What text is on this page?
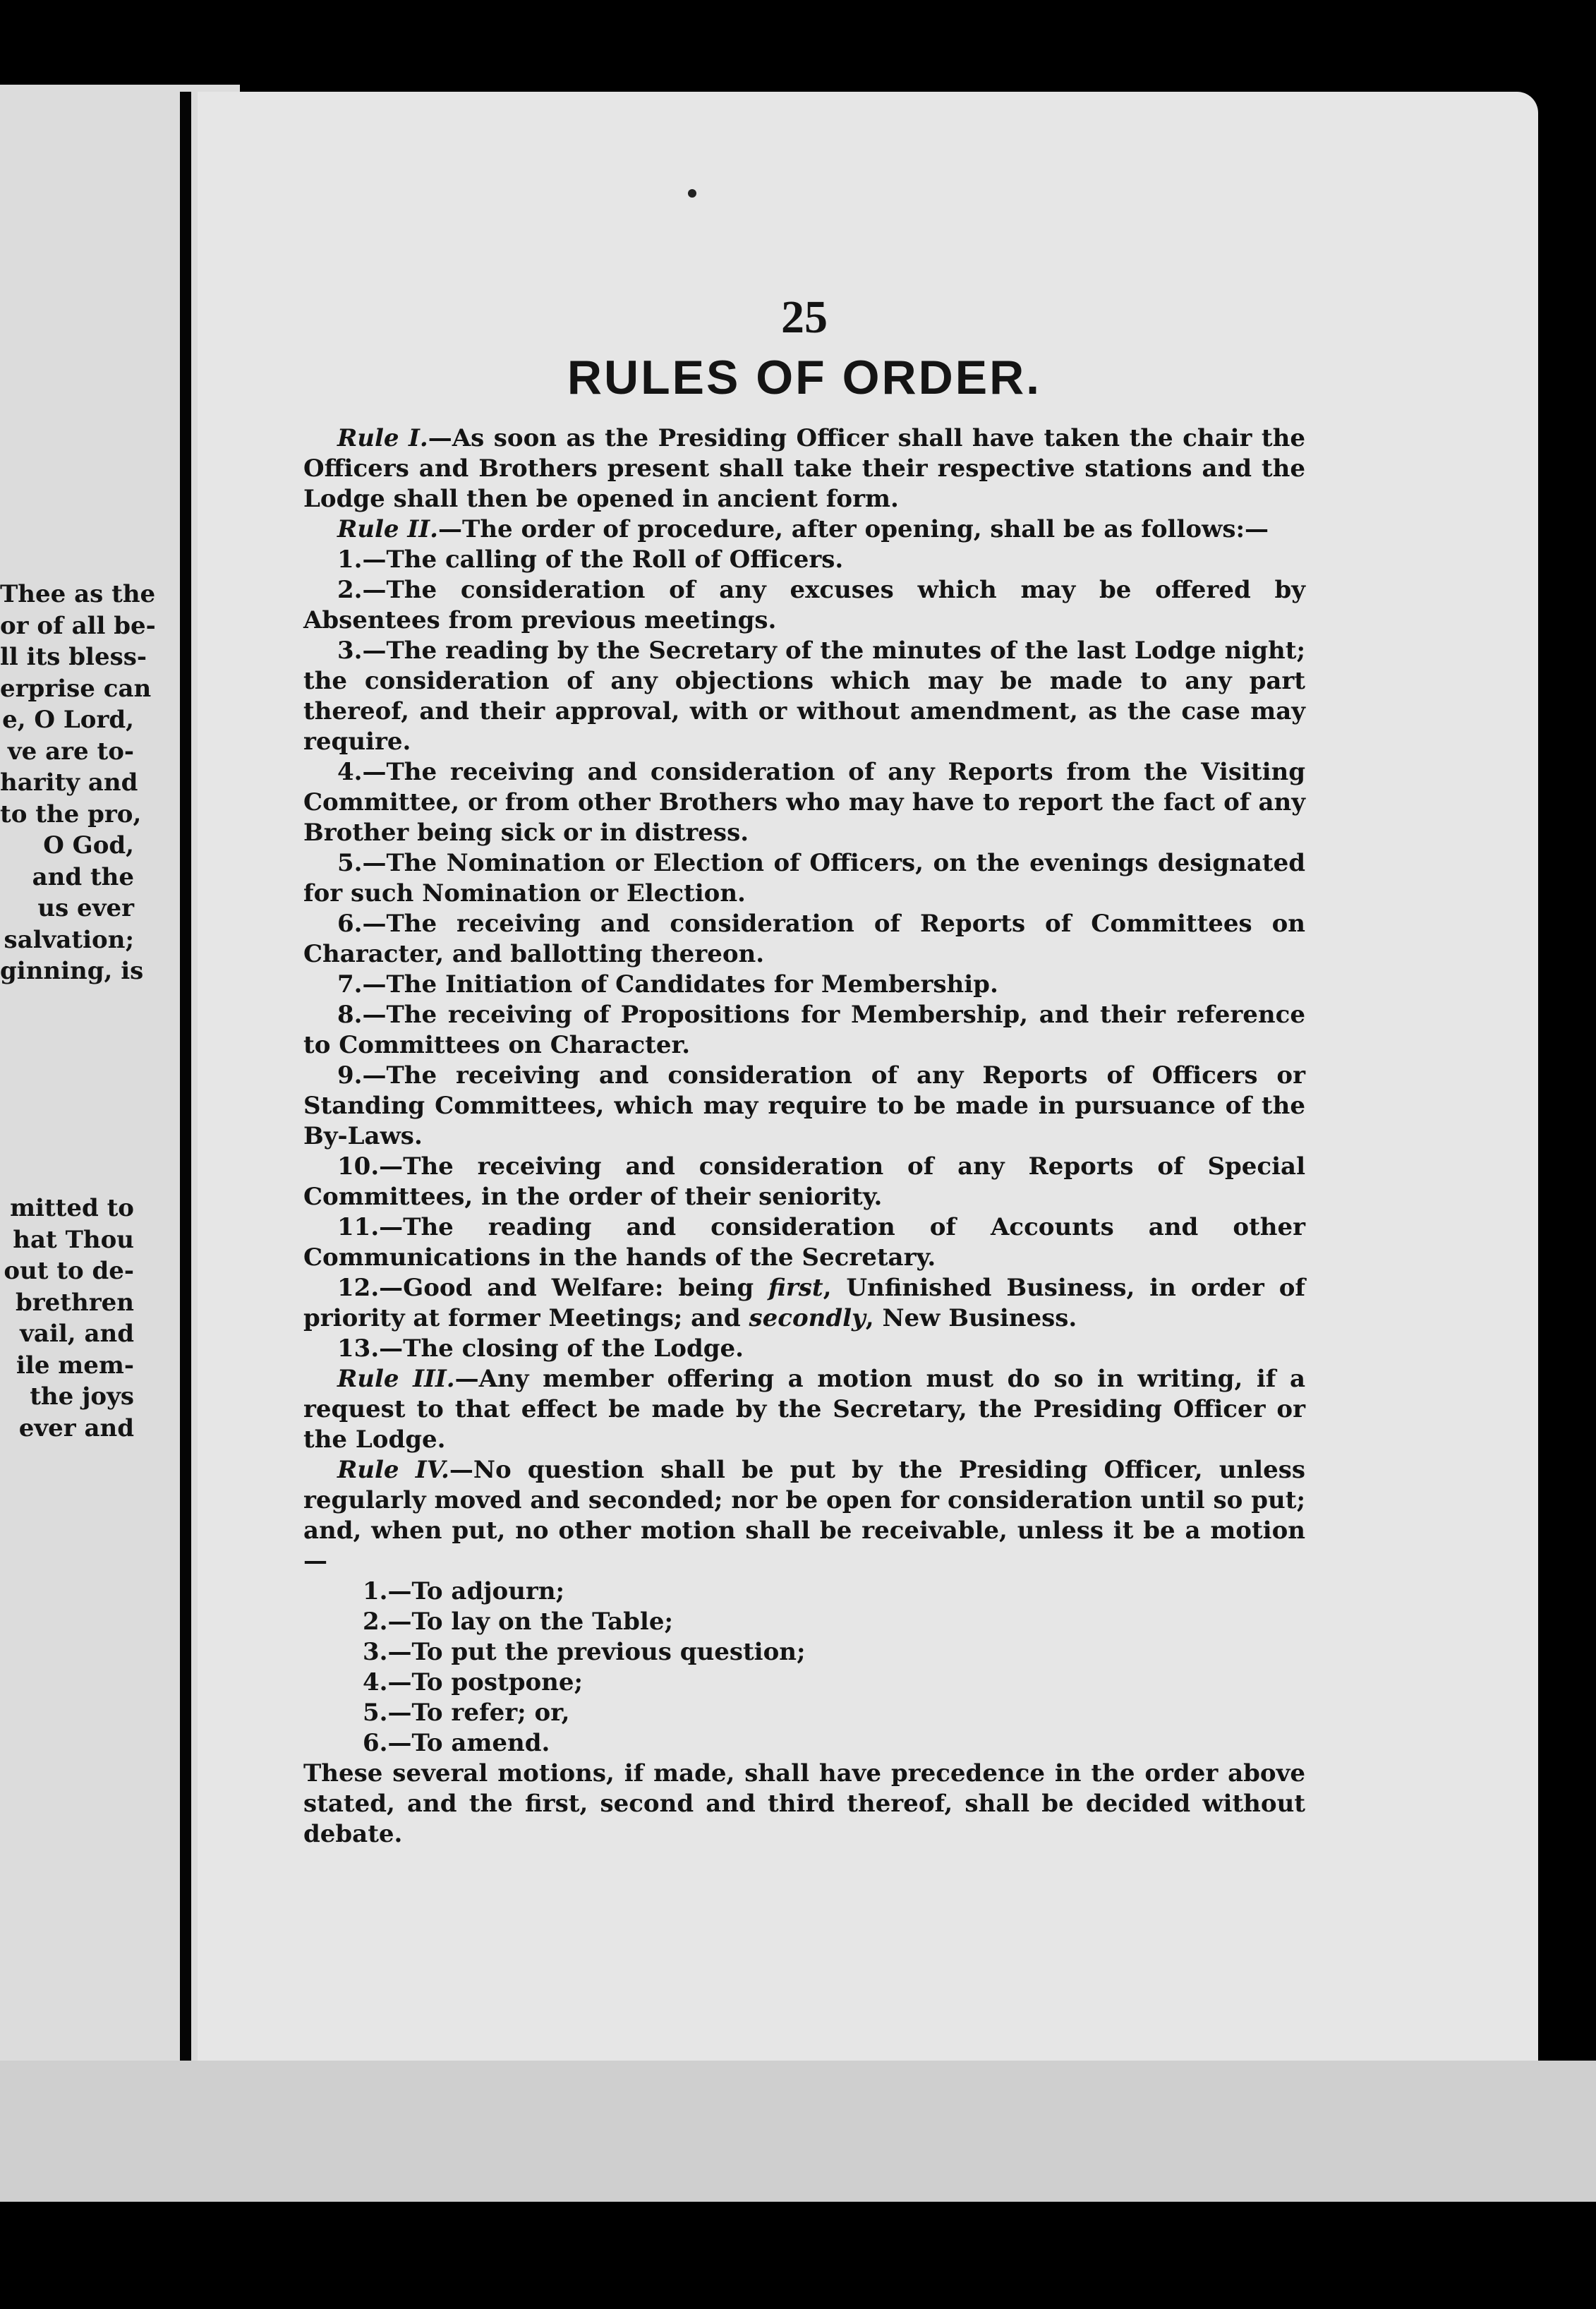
Thee as the
or of all be-
ll its bless-
erprise can
e, O Lord,
ve are to-
harity and
to the pro,
O God,
and the
us ever
salvation;
ginning, is
mitted to
hat Thou
out to de-
brethren
vail, and
ile mem-
the joys
ever and
25
RULES OF ORDER.
Rule I.—As soon as the Presiding Officer shall have taken the chair the Officers and Brothers present shall take their respective stations and the Lodge shall then be opened in ancient form.
Rule II.—The order of procedure, after opening, shall be as follows:—
1.—The calling of the Roll of Officers.
2.—The consideration of any excuses which may be offered by Absentees from previous meetings.
3.—The reading by the Secretary of the minutes of the last Lodge night; the consideration of any objections which may be made to any part thereof, and their approval, with or without amendment, as the case may require.
4.—The receiving and consideration of any Reports from the Visiting Committee, or from other Brothers who may have to report the fact of any Brother being sick or in distress.
5.—The Nomination or Election of Officers, on the evenings designated for such Nomination or Election.
6.—The receiving and consideration of Reports of Committees on Character, and ballotting thereon.
7.—The Initiation of Candidates for Membership.
8.—The receiving of Propositions for Membership, and their reference to Committees on Character.
9.—The receiving and consideration of any Reports of Officers or Standing Committees, which may require to be made in pursuance of the By-Laws.
10.—The receiving and consideration of any Reports of Special Committees, in the order of their seniority.
11.—The reading and consideration of Accounts and other Communications in the hands of the Secretary.
12.—Good and Welfare: being first, Unfinished Business, in order of priority at former Meetings; and secondly, New Business.
13.—The closing of the Lodge.
Rule III.—Any member offering a motion must do so in writing, if a request to that effect be made by the Secretary, the Presiding Officer or the Lodge.
Rule IV.—No question shall be put by the Presiding Officer, unless regularly moved and seconded; nor be open for consideration until so put; and, when put, no other motion shall be receivable, unless it be a motion—
1.—To adjourn;
2.—To lay on the Table;
3.—To put the previous question;
4.—To postpone;
5.—To refer; or,
6.—To amend.
These several motions, if made, shall have precedence in the order above stated, and the first, second and third thereof, shall be decided without debate.
